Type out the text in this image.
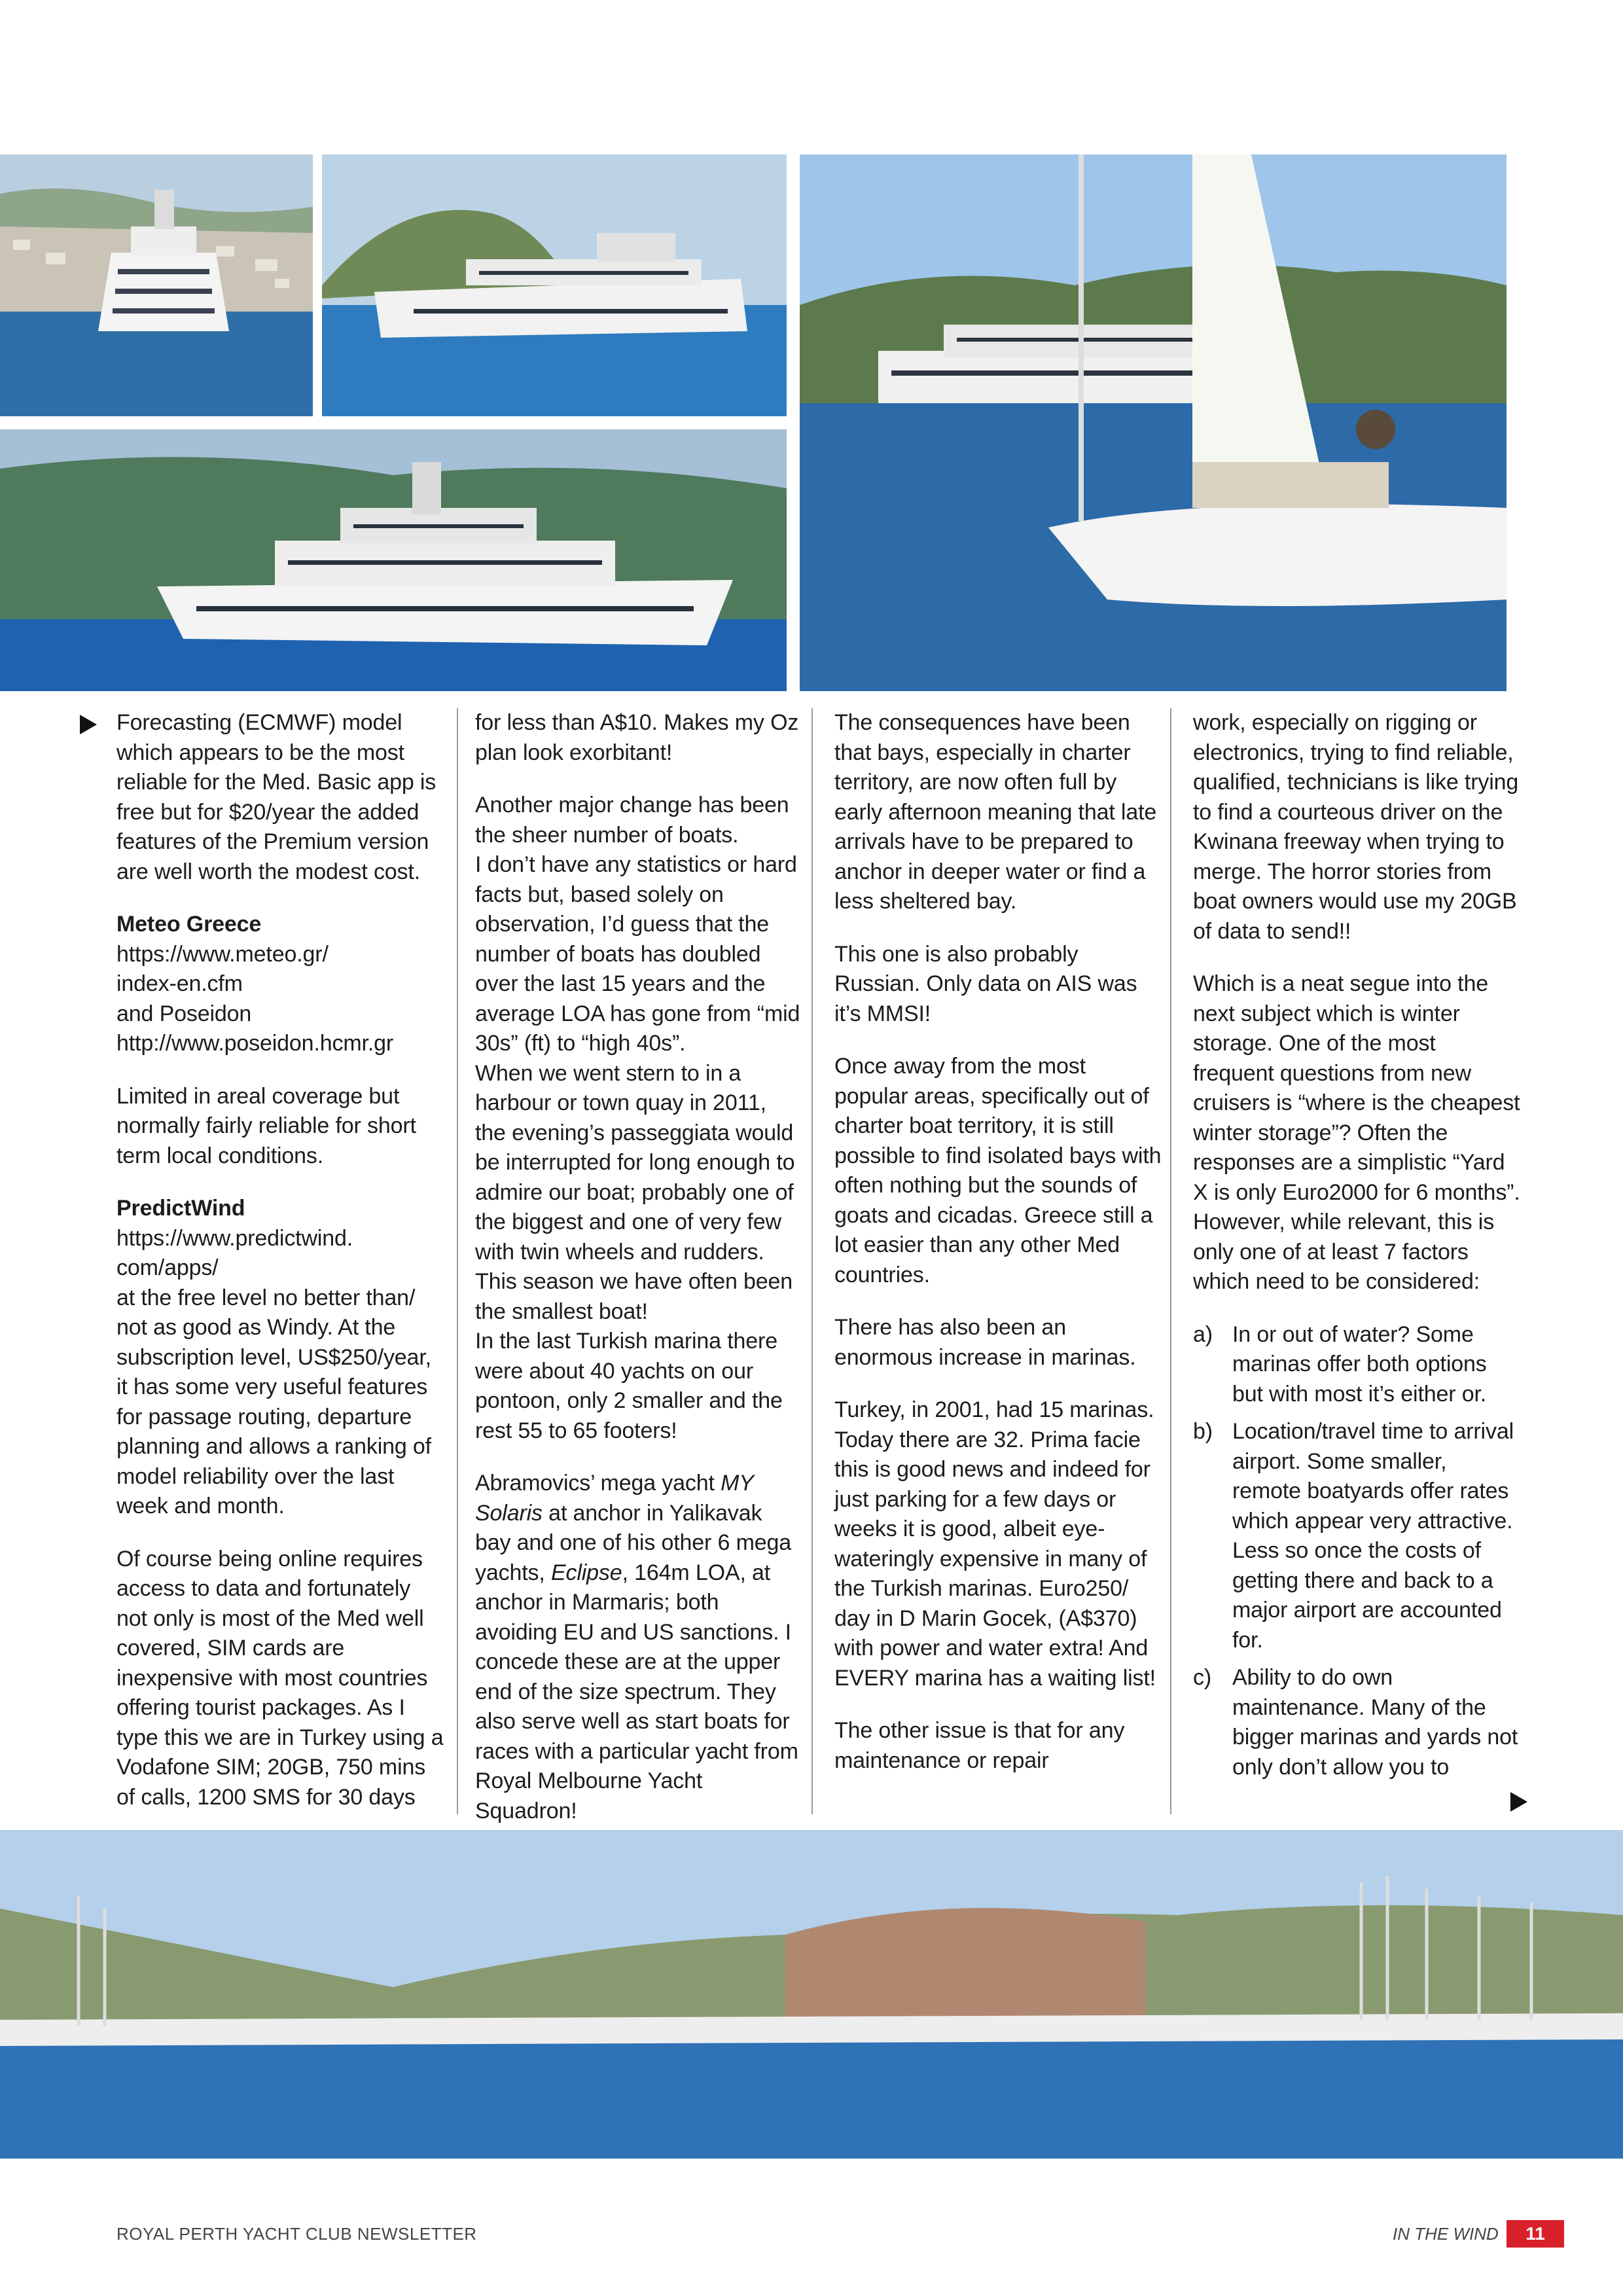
Forecasting (ECMWF) model which appears to be the most reliable for the Med. Basic app is free but for $20/year the added features of the Premium version are well worth the modest cost.

Meteo Greece

https://www.meteo.gr/

index-en.cfm

and Poseidon

http://www.poseidon.hcmr.gr

Limited in areal coverage but normally fairly reliable for short term local conditions.

PredictWind

https://www.predictwind.

com/apps/

at the free level no better than/ not as good as Windy. At the subscription level, US$250/year, it has some very useful features for passage routing, departure planning and allows a ranking of model reliability over the last week and month.

Of course being online requires access to data and fortunately not only is most of the Med well covered, SIM cards are inexpensive with most countries offering tourist packages. As I type this we are in Turkey using a Vodafone SIM; 20GB, 750 mins of calls, 1200 SMS for 30 days

for less than A$10. Makes my Oz plan look exorbitant!

Another major change has been the sheer number of boats.

I don’t have any statistics or hard facts but, based solely on observation, I’d guess that the number of boats has doubled over the last 15 years and the average LOA has gone from “mid 30s” (ft) to “high 40s”.

When we went stern to in a harbour or town quay in 2011, the evening’s passeggiata would be interrupted for long enough to admire our boat; probably one of the biggest and one of very few with twin wheels and rudders. This season we have often been the smallest boat!

In the last Turkish marina there were about 40 yachts on our pontoon, only 2 smaller and the rest 55 to 65 footers!

Abramovics’ mega yacht MY Solaris at anchor in Yalikavak bay and one of his other 6 mega yachts, Eclipse, 164m LOA, at anchor in Marmaris; both avoiding EU and US sanctions. I concede these are at the upper end of the size spectrum. They also serve well as start boats for races with a particular yacht from Royal Melbourne Yacht Squadron!

The consequences have been that bays, especially in charter territory, are now often full by early afternoon meaning that late arrivals have to be prepared to anchor in deeper water or find a less sheltered bay.

This one is also probably Russian. Only data on AIS was it’s MMSI!

Once away from the most popular areas, specifically out of charter boat territory, it is still possible to find isolated bays with often nothing but the sounds of goats and cicadas. Greece still a lot easier than any other Med countries.

There has also been an enormous increase in marinas.

Turkey, in 2001, had 15 marinas. Today there are 32. Prima facie this is good news and indeed for just parking for a few days or weeks it is good, albeit eye-wateringly expensive in many of the Turkish marinas. Euro250/ day in D Marin Gocek, (A$370) with power and water extra! And EVERY marina has a waiting list!

The other issue is that for any maintenance or repair

work, especially on rigging or electronics, trying to find reliable, qualified, technicians is like trying to find a courteous driver on the Kwinana freeway when trying to merge. The horror stories from boat owners would use my 20GB of data to send!!

Which is a neat segue into the next subject which is winter storage. One of the most frequent questions from new cruisers is “where is the cheapest winter storage”? Often the responses are a simplistic “Yard X is only Euro2000 for 6 months”. However, while relevant, this is only one of at least 7 factors which need to be considered:

a) In or out of water? Some marinas offer both options but with most it’s either or.
b) Location/travel time to arrival airport. Some smaller, remote boatyards offer rates which appear very attractive. Less so once the costs of getting there and back to a major airport are accounted for.
c) Ability to do own maintenance. Many of the bigger marinas and yards not only don’t allow you to
ROYAL PERTH YACHT CLUB NEWSLETTER	IN THE WIND	11
